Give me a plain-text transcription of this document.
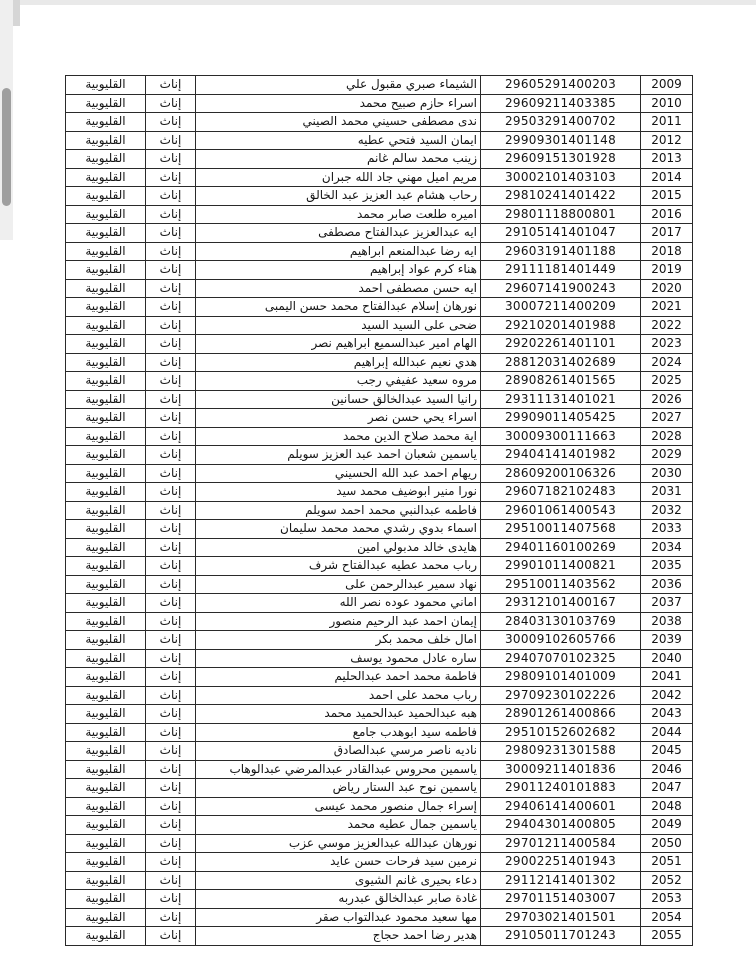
2009	29605291400203	الشيماء صبري مقبول علي	إناث	القليوبية
2010	29609211403385	اسراء حازم صبيح محمد	إناث	القليوبية
2011	29503291400702	ندى مصطفى حسيني محمد الصيني	إناث	القليوبية
2012	29909301401148	ايمان السيد فتحي عطيه	إناث	القليوبية
2013	29609151301928	زينب محمد سالم غانم	إناث	القليوبية
2014	30002101403103	مريم اميل مهني جاد الله جبران	إناث	القليوبية
2015	29810241401422	رحاب هشام عبد العزيز عبد الخالق	إناث	القليوبية
2016	29801118800801	اميره طلعت صابر محمد	إناث	القليوبية
2017	29105141401047	ايه عبدالعزيز عبدالفتاح مصطفى	إناث	القليوبية
2018	29603191401188	ايه رضا عبدالمنعم ابراهيم	إناث	القليوبية
2019	29111181401449	هناء كرم عواد إبراهيم	إناث	القليوبية
2020	29607141900243	ايه حسن مصطفى احمد	إناث	القليوبية
2021	30007211400209	نورهان إسلام عبدالفتاح محمد حسن اليمبى	إناث	القليوبية
2022	29210201401988	ضحى على السيد السيد	إناث	القليوبية
2023	29202261401101	الهام امير عبدالسميع ابراهيم نصر	إناث	القليوبية
2024	28812031402689	هدي نعيم عبدالله إبراهيم	إناث	القليوبية
2025	28908261401565	مروه سعيد عفيفي رجب	إناث	القليوبية
2026	29311131401021	رانيا السيد عبدالخالق حسانين	إناث	القليوبية
2027	29909011405425	اسراء يحي حسن نصر	إناث	القليوبية
2028	30009300111663	اية محمد صلاح الدين محمد	إناث	القليوبية
2029	29404141401982	ياسمين شعبان احمد عبد العزيز سويلم	إناث	القليوبية
2030	28609200106326	ريهام احمد عبد الله الحسيني	إناث	القليوبية
2031	29607182102483	نورا منير ابوضيف محمد سيد	إناث	القليوبية
2032	29601061400543	فاطمه عبدالنبي محمد احمد سويلم	إناث	القليوبية
2033	29510011407568	اسماء بدوي رشدي محمد محمد سليمان	إناث	القليوبية
2034	29401160100269	هايدى خالد مدبولي امين	إناث	القليوبية
2035	29901011400821	رباب محمد عطيه عبدالفتاح شرف	إناث	القليوبية
2036	29510011403562	نهاد سمير عبدالرحمن على	إناث	القليوبية
2037	29312101400167	اماني محمود عوده نصر الله	إناث	القليوبية
2038	28403130103769	إيمان احمد عبد الرحيم منصور	إناث	القليوبية
2039	30009102605766	امال خلف محمد بكر	إناث	القليوبية
2040	29407070102325	ساره عادل محمود يوسف	إناث	القليوبية
2041	29809101401009	فاطمة محمد احمد عبدالحليم	إناث	القليوبية
2042	29709230102226	رباب محمد على احمد	إناث	القليوبية
2043	28901261400866	هبه عبدالحميد عبدالحميد محمد	إناث	القليوبية
2044	29510152602682	فاطمه سيد ابوهدب جامع	إناث	القليوبية
2045	29809231301588	ناديه ناصر مرسي عبدالصادق	إناث	القليوبية
2046	30009211401836	ياسمين محروس عبدالقادر عبدالمرضي عبدالوهاب	إناث	القليوبية
2047	29011240101883	ياسمين نوح عبد الستار رياض	إناث	القليوبية
2048	29406141400601	إسراء جمال منصور محمد عيسى	إناث	القليوبية
2049	29404301400805	ياسمين جمال عطيه محمد	إناث	القليوبية
2050	29701211400584	نورهان عبدالله عبدالعزيز موسي عزب	إناث	القليوبية
2051	29002251401943	نرمين سيد فرحات حسن عايد	إناث	القليوبية
2052	29112141401302	دعاء بحيرى غانم الشيوى	إناث	القليوبية
2053	29701151403007	غادة صابر عبدالخالق عبدربه	إناث	القليوبية
2054	29703021401501	مها سعيد محمود عبدالتواب صقر	إناث	القليوبية
2055	29105011701243	هدير رضا احمد حجاج	إناث	القليوبية
